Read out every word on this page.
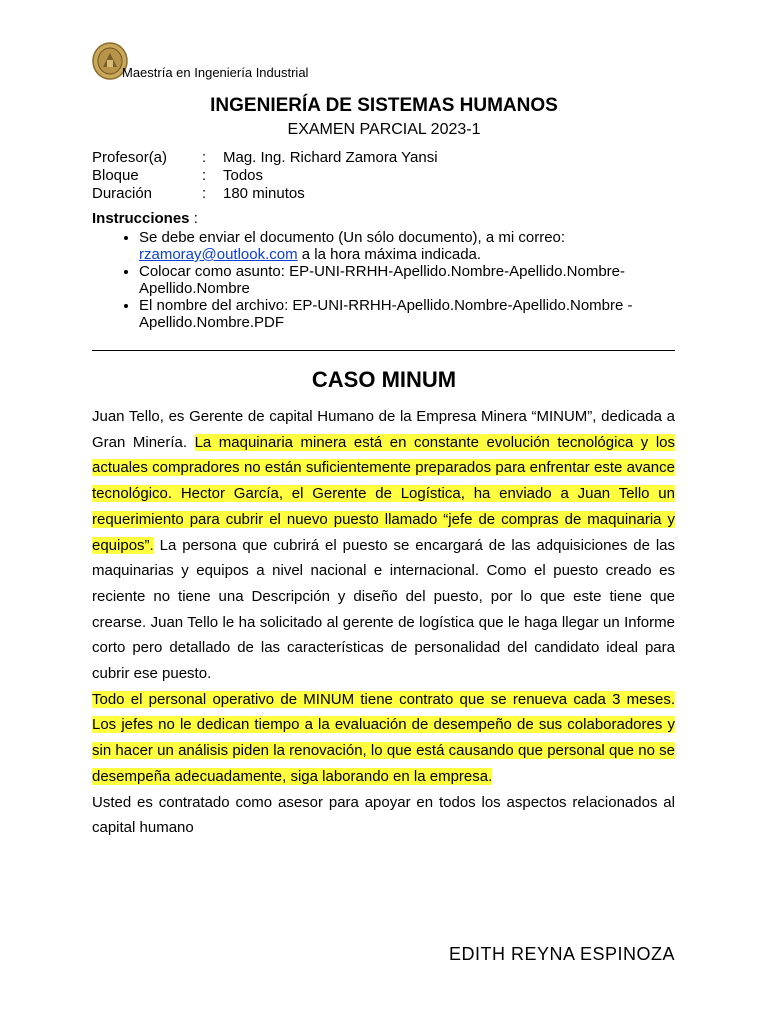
Maestría en Ingeniería Industrial
INGENIERÍA DE SISTEMAS HUMANOS
EXAMEN PARCIAL 2023-1
Profesor(a)	:	Mag. Ing. Richard Zamora Yansi
Bloque	:	Todos
Duración	:	180 minutos
Instrucciones :
• Se debe enviar el documento (Un sólo documento), a mi correo: rzamoray@outlook.com a la hora máxima indicada.
• Colocar como asunto: EP-UNI-RRHH-Apellido.Nombre-Apellido.Nombre-Apellido.Nombre
• El nombre del archivo: EP-UNI-RRHH-Apellido.Nombre-Apellido.Nombre - Apellido.Nombre.PDF
CASO MINUM

Juan Tello, es Gerente de capital Humano de la Empresa Minera “MINUM”, dedicada a Gran Minería. La maquinaria minera está en constante evolución tecnológica y los actuales compradores no están suficientemente preparados para enfrentar este avance tecnológico. Hector García, el Gerente de Logística, ha enviado a Juan Tello un requerimiento para cubrir el nuevo puesto llamado “jefe de compras de maquinaria y equipos”. La persona que cubrirá el puesto se encargará de las adquisiciones de las maquinarias y equipos a nivel nacional e internacional. Como el puesto creado es reciente no tiene una Descripción y diseño del puesto, por lo que este tiene que crearse. Juan Tello le ha solicitado al gerente de logística que le haga llegar un Informe corto pero detallado de las características de personalidad del candidato ideal para cubrir ese puesto.

Todo el personal operativo de MINUM tiene contrato que se renueva cada 3 meses. Los jefes no le dedican tiempo a la evaluación de desempeño de sus colaboradores y sin hacer un análisis piden la renovación, lo que está causando que personal que no se desempeña adecuadamente, siga laborando en la empresa.

Usted es contratado como asesor para apoyar en todos los aspectos relacionados al capital humano

EDITH REYNA ESPINOZA
